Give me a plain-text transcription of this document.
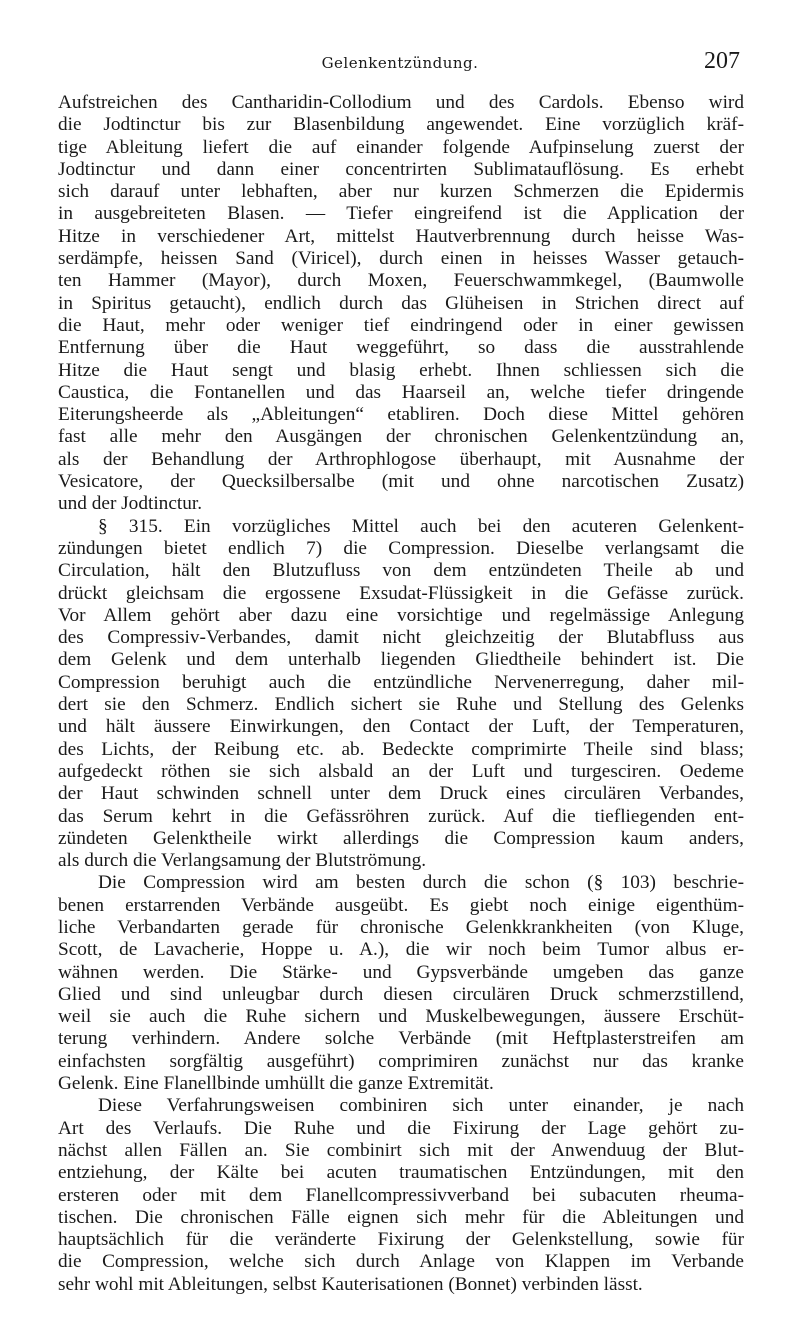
Gelenkentzündung.	207
Aufstreichen des Cantharidin-Collodium und des Cardols. Ebenso wird
die Jodtinctur bis zur Blasenbildung angewendet. Eine vorzüglich kräf-
tige Ableitung liefert die auf einander folgende Aufpinselung zuerst der
Jodtinctur und dann einer concentrirten Sublimatauflösung. Es erhebt
sich darauf unter lebhaften, aber nur kurzen Schmerzen die Epidermis
in ausgebreiteten Blasen. — Tiefer eingreifend ist die Application der
Hitze in verschiedener Art, mittelst Hautverbrennung durch heisse Was-
serdämpfe, heissen Sand (Viricel), durch einen in heisses Wasser getauch-
ten Hammer (Mayor), durch Moxen, Feuerschwammkegel, (Baumwolle
in Spiritus getaucht), endlich durch das Glüheisen in Strichen direct auf
die Haut, mehr oder weniger tief eindringend oder in einer gewissen
Entfernung über die Haut weggeführt, so dass die ausstrahlende
Hitze die Haut sengt und blasig erhebt. Ihnen schliessen sich die
Caustica, die Fontanellen und das Haarseil an, welche tiefer dringende
Eiterungsheerde als „Ableitungen“ etabliren. Doch diese Mittel gehören
fast alle mehr den Ausgängen der chronischen Gelenkentzündung an,
als der Behandlung der Arthrophlogose überhaupt, mit Ausnahme der
Vesicatore, der Quecksilbersalbe (mit und ohne narcotischen Zusatz)
und der Jodtinctur.
§ 315. Ein vorzügliches Mittel auch bei den acuteren Gelenkent-
zündungen bietet endlich 7) die Compression. Dieselbe verlangsamt die
Circulation, hält den Blutzufluss von dem entzündeten Theile ab und
drückt gleichsam die ergossene Exsudat-Flüssigkeit in die Gefässe zurück.
Vor Allem gehört aber dazu eine vorsichtige und regelmässige Anlegung
des Compressiv-Verbandes, damit nicht gleichzeitig der Blutabfluss aus
dem Gelenk und dem unterhalb liegenden Gliedtheile behindert ist. Die
Compression beruhigt auch die entzündliche Nervenerregung, daher mil-
dert sie den Schmerz. Endlich sichert sie Ruhe und Stellung des Gelenks
und hält äussere Einwirkungen, den Contact der Luft, der Temperaturen,
des Lichts, der Reibung etc. ab. Bedeckte comprimirte Theile sind blass;
aufgedeckt röthen sie sich alsbald an der Luft und turgesciren. Oedeme
der Haut schwinden schnell unter dem Druck eines circulären Verbandes,
das Serum kehrt in die Gefässröhren zurück. Auf die tiefliegenden ent-
zündeten Gelenktheile wirkt allerdings die Compression kaum anders,
als durch die Verlangsamung der Blutströmung.
Die Compression wird am besten durch die schon (§ 103) beschrie-
benen erstarrenden Verbände ausgeübt. Es giebt noch einige eigenthüm-
liche Verbandarten gerade für chronische Gelenkkrankheiten (von Kluge,
Scott, de Lavacherie, Hoppe u. A.), die wir noch beim Tumor albus er-
wähnen werden. Die Stärke- und Gypsverbände umgeben das ganze
Glied und sind unleugbar durch diesen circulären Druck schmerzstillend,
weil sie auch die Ruhe sichern und Muskelbewegungen, äussere Erschüt-
terung verhindern. Andere solche Verbände (mit Heftplasterstreifen am
einfachsten sorgfältig ausgeführt) comprimiren zunächst nur das kranke
Gelenk. Eine Flanellbinde umhüllt die ganze Extremität.
Diese Verfahrungsweisen combiniren sich unter einander, je nach
Art des Verlaufs. Die Ruhe und die Fixirung der Lage gehört zu-
nächst allen Fällen an. Sie combinirt sich mit der Anwenduug der Blut-
entziehung, der Kälte bei acuten traumatischen Entzündungen, mit den
ersteren oder mit dem Flanellcompressivverband bei subacuten rheuma-
tischen. Die chronischen Fälle eignen sich mehr für die Ableitungen und
hauptsächlich für die veränderte Fixirung der Gelenkstellung, sowie für
die Compression, welche sich durch Anlage von Klappen im Verbande
sehr wohl mit Ableitungen, selbst Kauterisationen (Bonnet) verbinden lässt.
